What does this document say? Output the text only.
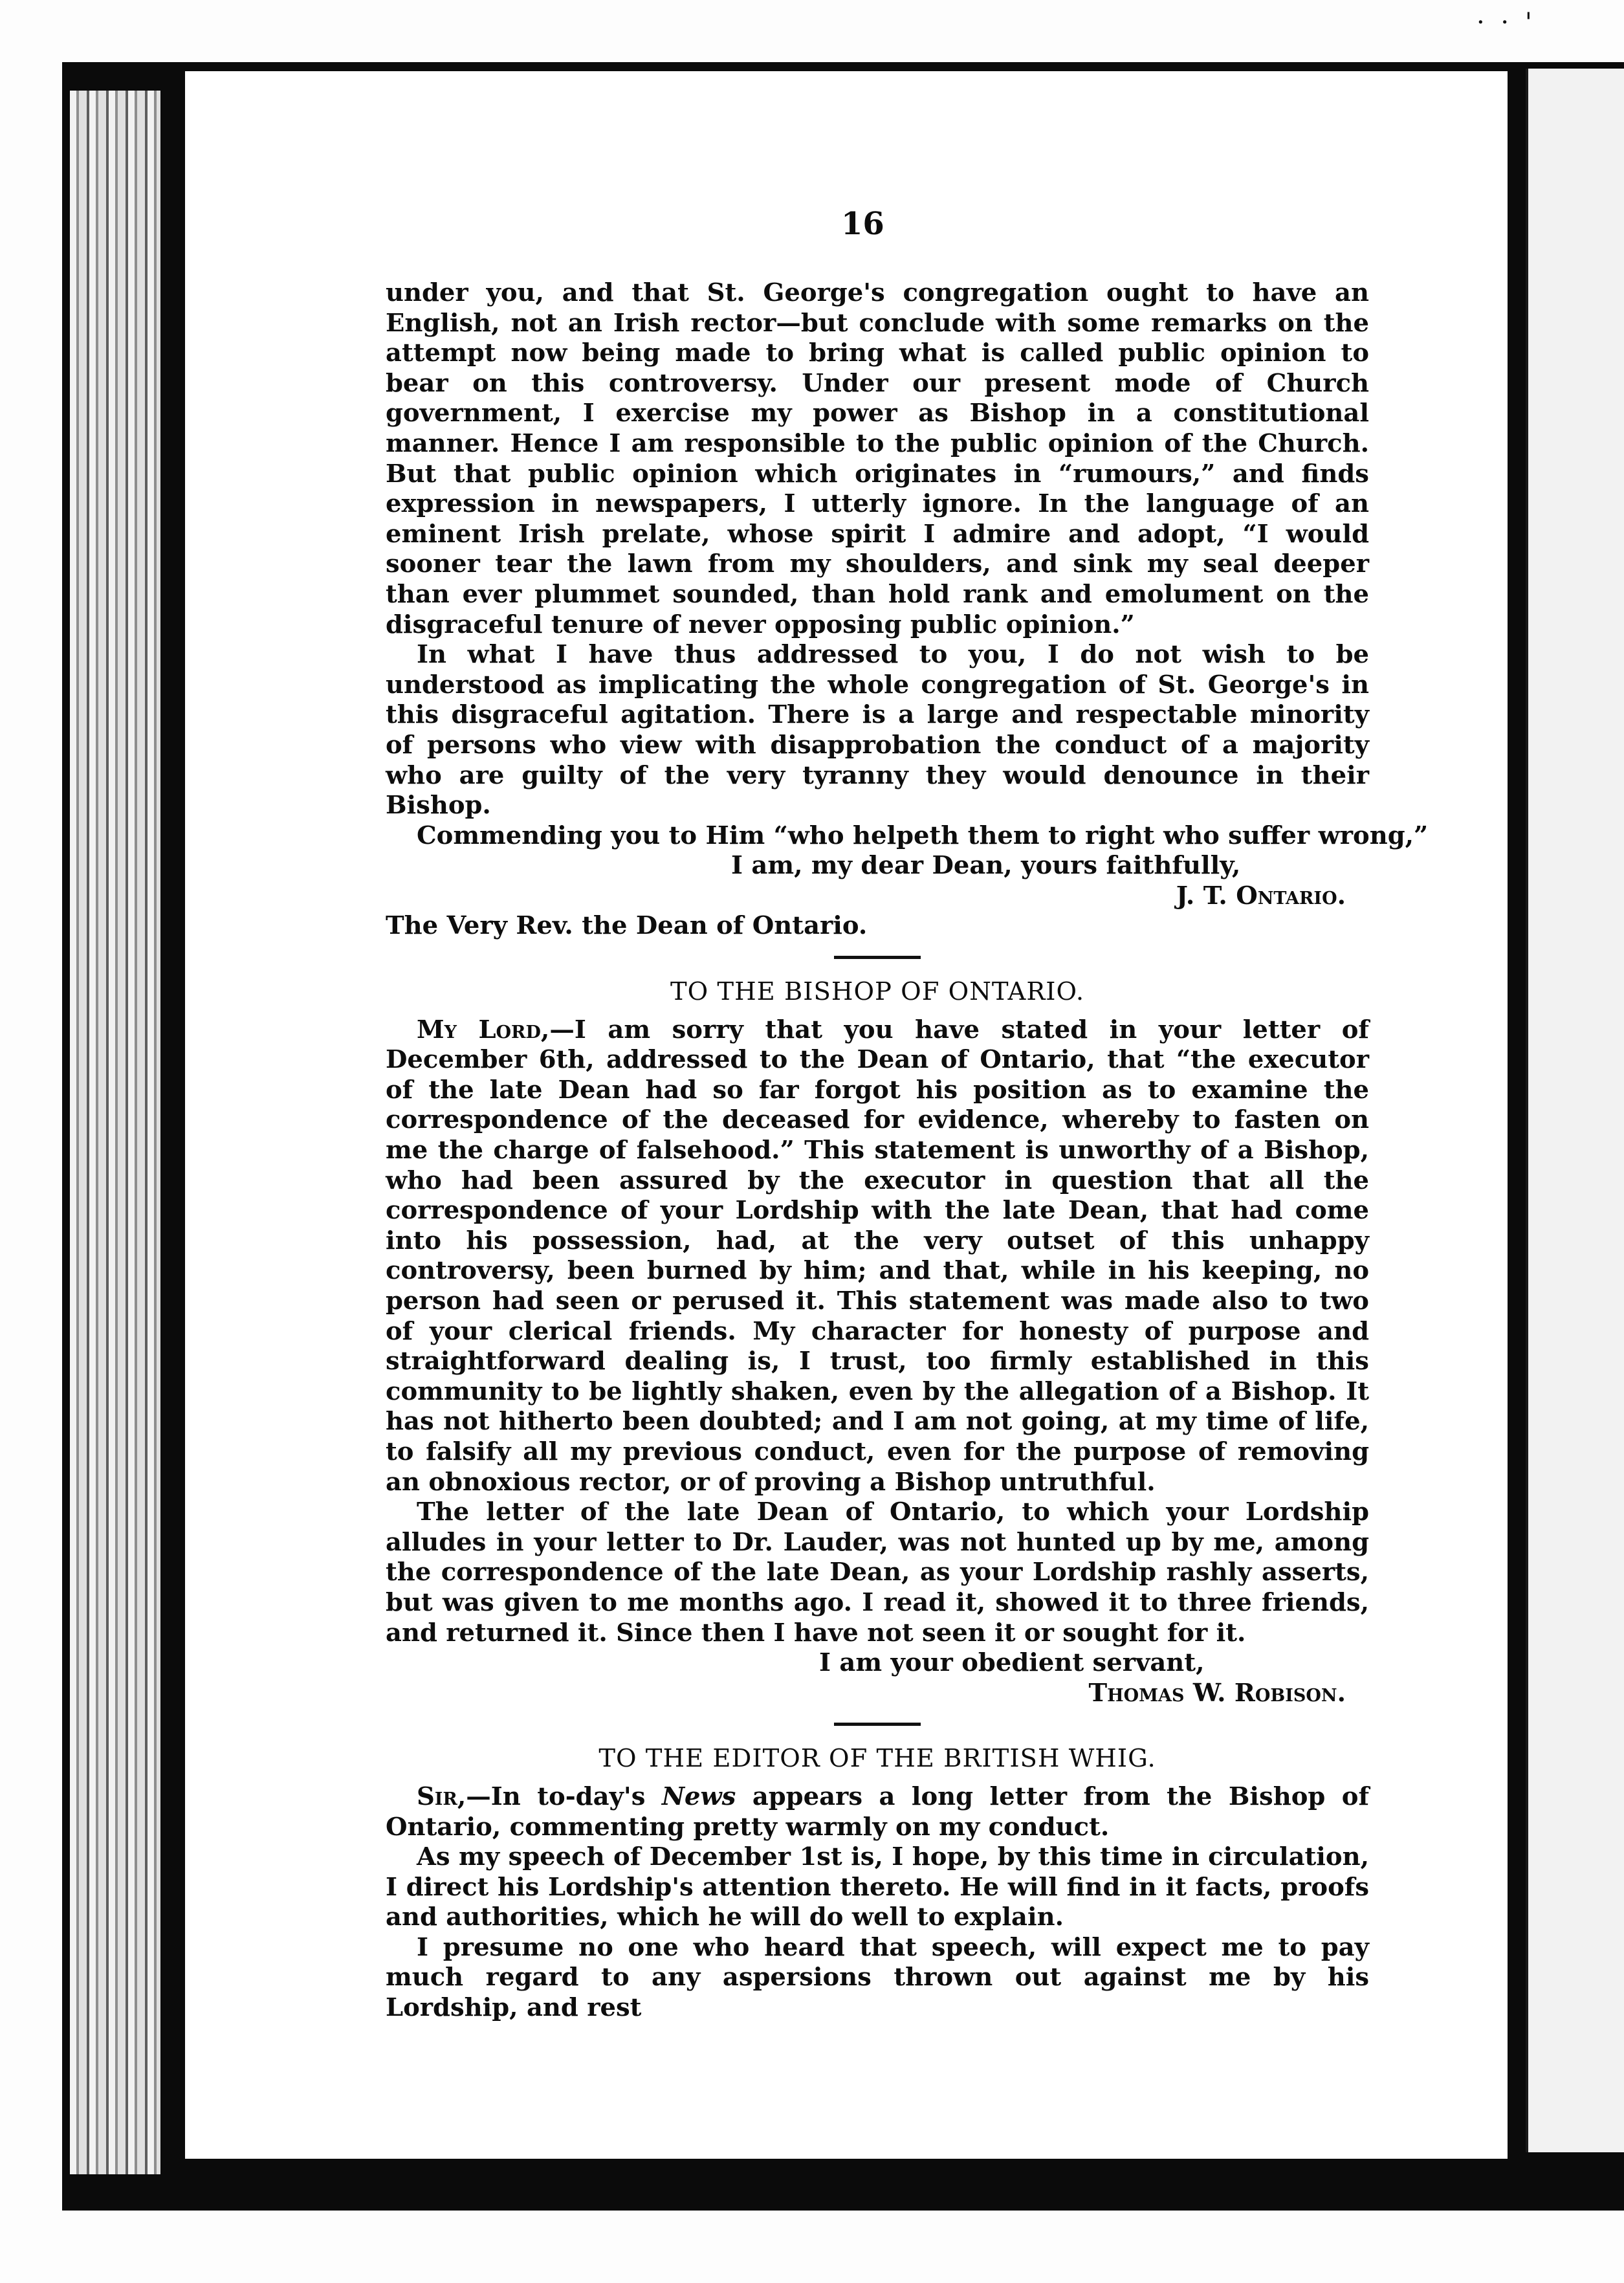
· · '
16

under you, and that St. George's congregation ought to have an English, not an Irish rector—but conclude with some remarks on the attempt now being made to bring what is called public opinion to bear on this controversy. Under our present mode of Church government, I exercise my power as Bishop in a constitutional manner. Hence I am responsible to the public opinion of the Church. But that public opinion which originates in “rumours,” and finds expression in newspapers, I utterly ignore. In the language of an eminent Irish prelate, whose spirit I admire and adopt, “I would sooner tear the lawn from my shoulders, and sink my seal deeper than ever plummet sounded, than hold rank and emolument on the disgraceful tenure of never opposing public opinion.”

In what I have thus addressed to you, I do not wish to be understood as implicating the whole congregation of St. George's in this disgraceful agitation. There is a large and respectable minority of persons who view with disapprobation the conduct of a majority who are guilty of the very tyranny they would denounce in their Bishop.

Commending you to Him “who helpeth them to right who suffer wrong,”

I am, my dear Dean, yours faithfully,
J. T. Ontario.
The Very Rev. the Dean of Ontario.
TO THE BISHOP OF ONTARIO.

My Lord,—I am sorry that you have stated in your letter of December 6th, addressed to the Dean of Ontario, that “the executor of the late Dean had so far forgot his position as to examine the correspondence of the deceased for evidence, whereby to fasten on me the charge of falsehood.” This statement is unworthy of a Bishop, who had been assured by the executor in question that all the correspondence of your Lordship with the late Dean, that had come into his possession, had, at the very outset of this unhappy controversy, been burned by him; and that, while in his keeping, no person had seen or perused it. This statement was made also to two of your clerical friends. My character for honesty of purpose and straightforward dealing is, I trust, too firmly established in this community to be lightly shaken, even by the allegation of a Bishop. It has not hitherto been doubted; and I am not going, at my time of life, to falsify all my previous conduct, even for the purpose of removing an obnoxious rector, or of proving a Bishop untruthful.

The letter of the late Dean of Ontario, to which your Lordship alludes in your letter to Dr. Lauder, was not hunted up by me, among the correspondence of the late Dean, as your Lordship rashly asserts, but was given to me months ago. I read it, showed it to three friends, and returned it. Since then I have not seen it or sought for it.

I am your obedient servant,
Thomas W. Robison.
TO THE EDITOR OF THE BRITISH WHIG.

Sir,—In to-day's News appears a long letter from the Bishop of Ontario, commenting pretty warmly on my conduct.

As my speech of December 1st is, I hope, by this time in circulation, I direct his Lordship's attention thereto. He will find in it facts, proofs and authorities, which he will do well to explain.

I presume no one who heard that speech, will expect me to pay much regard to any aspersions thrown out against me by his Lordship, and rest
